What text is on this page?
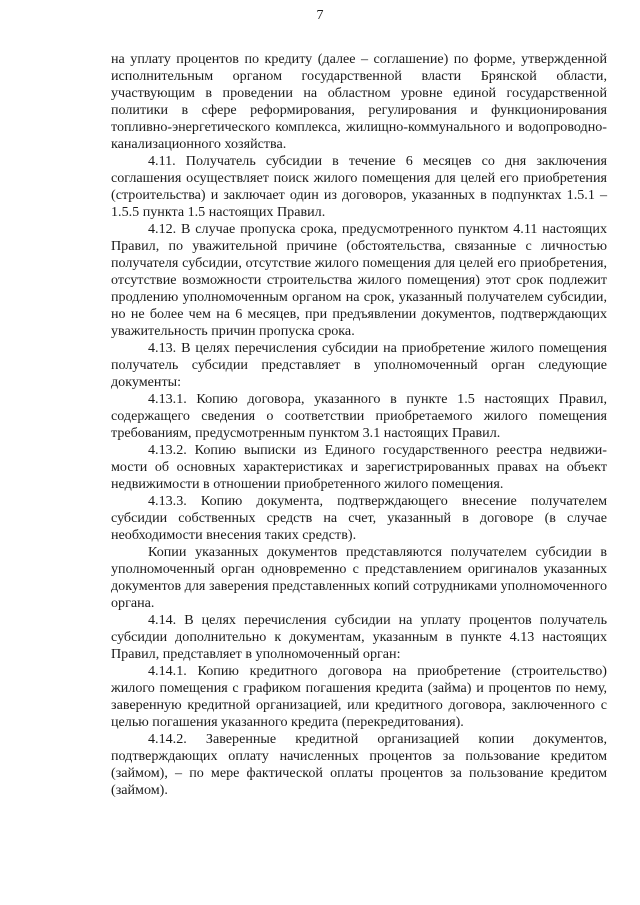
7

на уплату процентов по кредиту (далее – соглашение) по форме, утвержденной исполнительным органом государственной власти Брянской области, участвующим в проведении на областном уровне единой государственной политики в сфере реформирования, регулирования и функционирования топливно-энергетического комплекса, жилищно-коммунального и водопроводно-канализационного хозяйства.

4.11. Получатель субсидии в течение 6 месяцев со дня заключения соглашения осуществляет поиск жилого помещения для целей его приобретения (строительства) и заключает один из договоров, указанных в подпунктах 1.5.1 – 1.5.5 пункта 1.5 настоящих Правил.

4.12. В случае пропуска срока, предусмотренного пунктом 4.11 настоящих Правил, по уважительной причине (обстоятельства, связанные с личностью получателя субсидии, отсутствие жилого помещения для целей его приобретения, отсутствие возможности строительства жилого помещения) этот срок подлежит продлению уполномоченным органом на срок, указанный получателем субсидии, но не более чем на 6 месяцев, при предъявлении документов, подтверждающих уважительность причин пропуска срока.

4.13. В целях перечисления субсидии на приобретение жилого помещения получатель субсидии представляет в уполномоченный орган следующие документы:

4.13.1. Копию договора, указанного в пункте 1.5 настоящих Правил, содержащего сведения о соответствии приобретаемого жилого помещения требованиям, предусмотренным пунктом 3.1 настоящих Правил.

4.13.2. Копию выписки из Единого государственного реестра недвижимости об основных характеристиках и зарегистрированных правах на объект недвижимости в отношении приобретенного жилого помещения.

4.13.3. Копию документа, подтверждающего внесение получателем субсидии собственных средств на счет, указанный в договоре (в случае необходимости внесения таких средств).

Копии указанных документов представляются получателем субсидии в уполномоченный орган одновременно с представлением оригиналов указанных документов для заверения представленных копий сотрудниками уполномоченного органа.

4.14. В целях перечисления субсидии на уплату процентов получатель субсидии дополнительно к документам, указанным в пункте 4.13 настоящих Правил, представляет в уполномоченный орган:

4.14.1. Копию кредитного договора на приобретение (строительство) жилого помещения с графиком погашения кредита (займа) и процентов по нему, заверенную кредитной организацией, или кредитного договора, заключенного с целью погашения указанного кредита (перекредитования).

4.14.2. Заверенные кредитной организацией копии документов, подтверждающих оплату начисленных процентов за пользование кредитом (займом), – по мере фактической оплаты процентов за пользование кредитом (займом).
